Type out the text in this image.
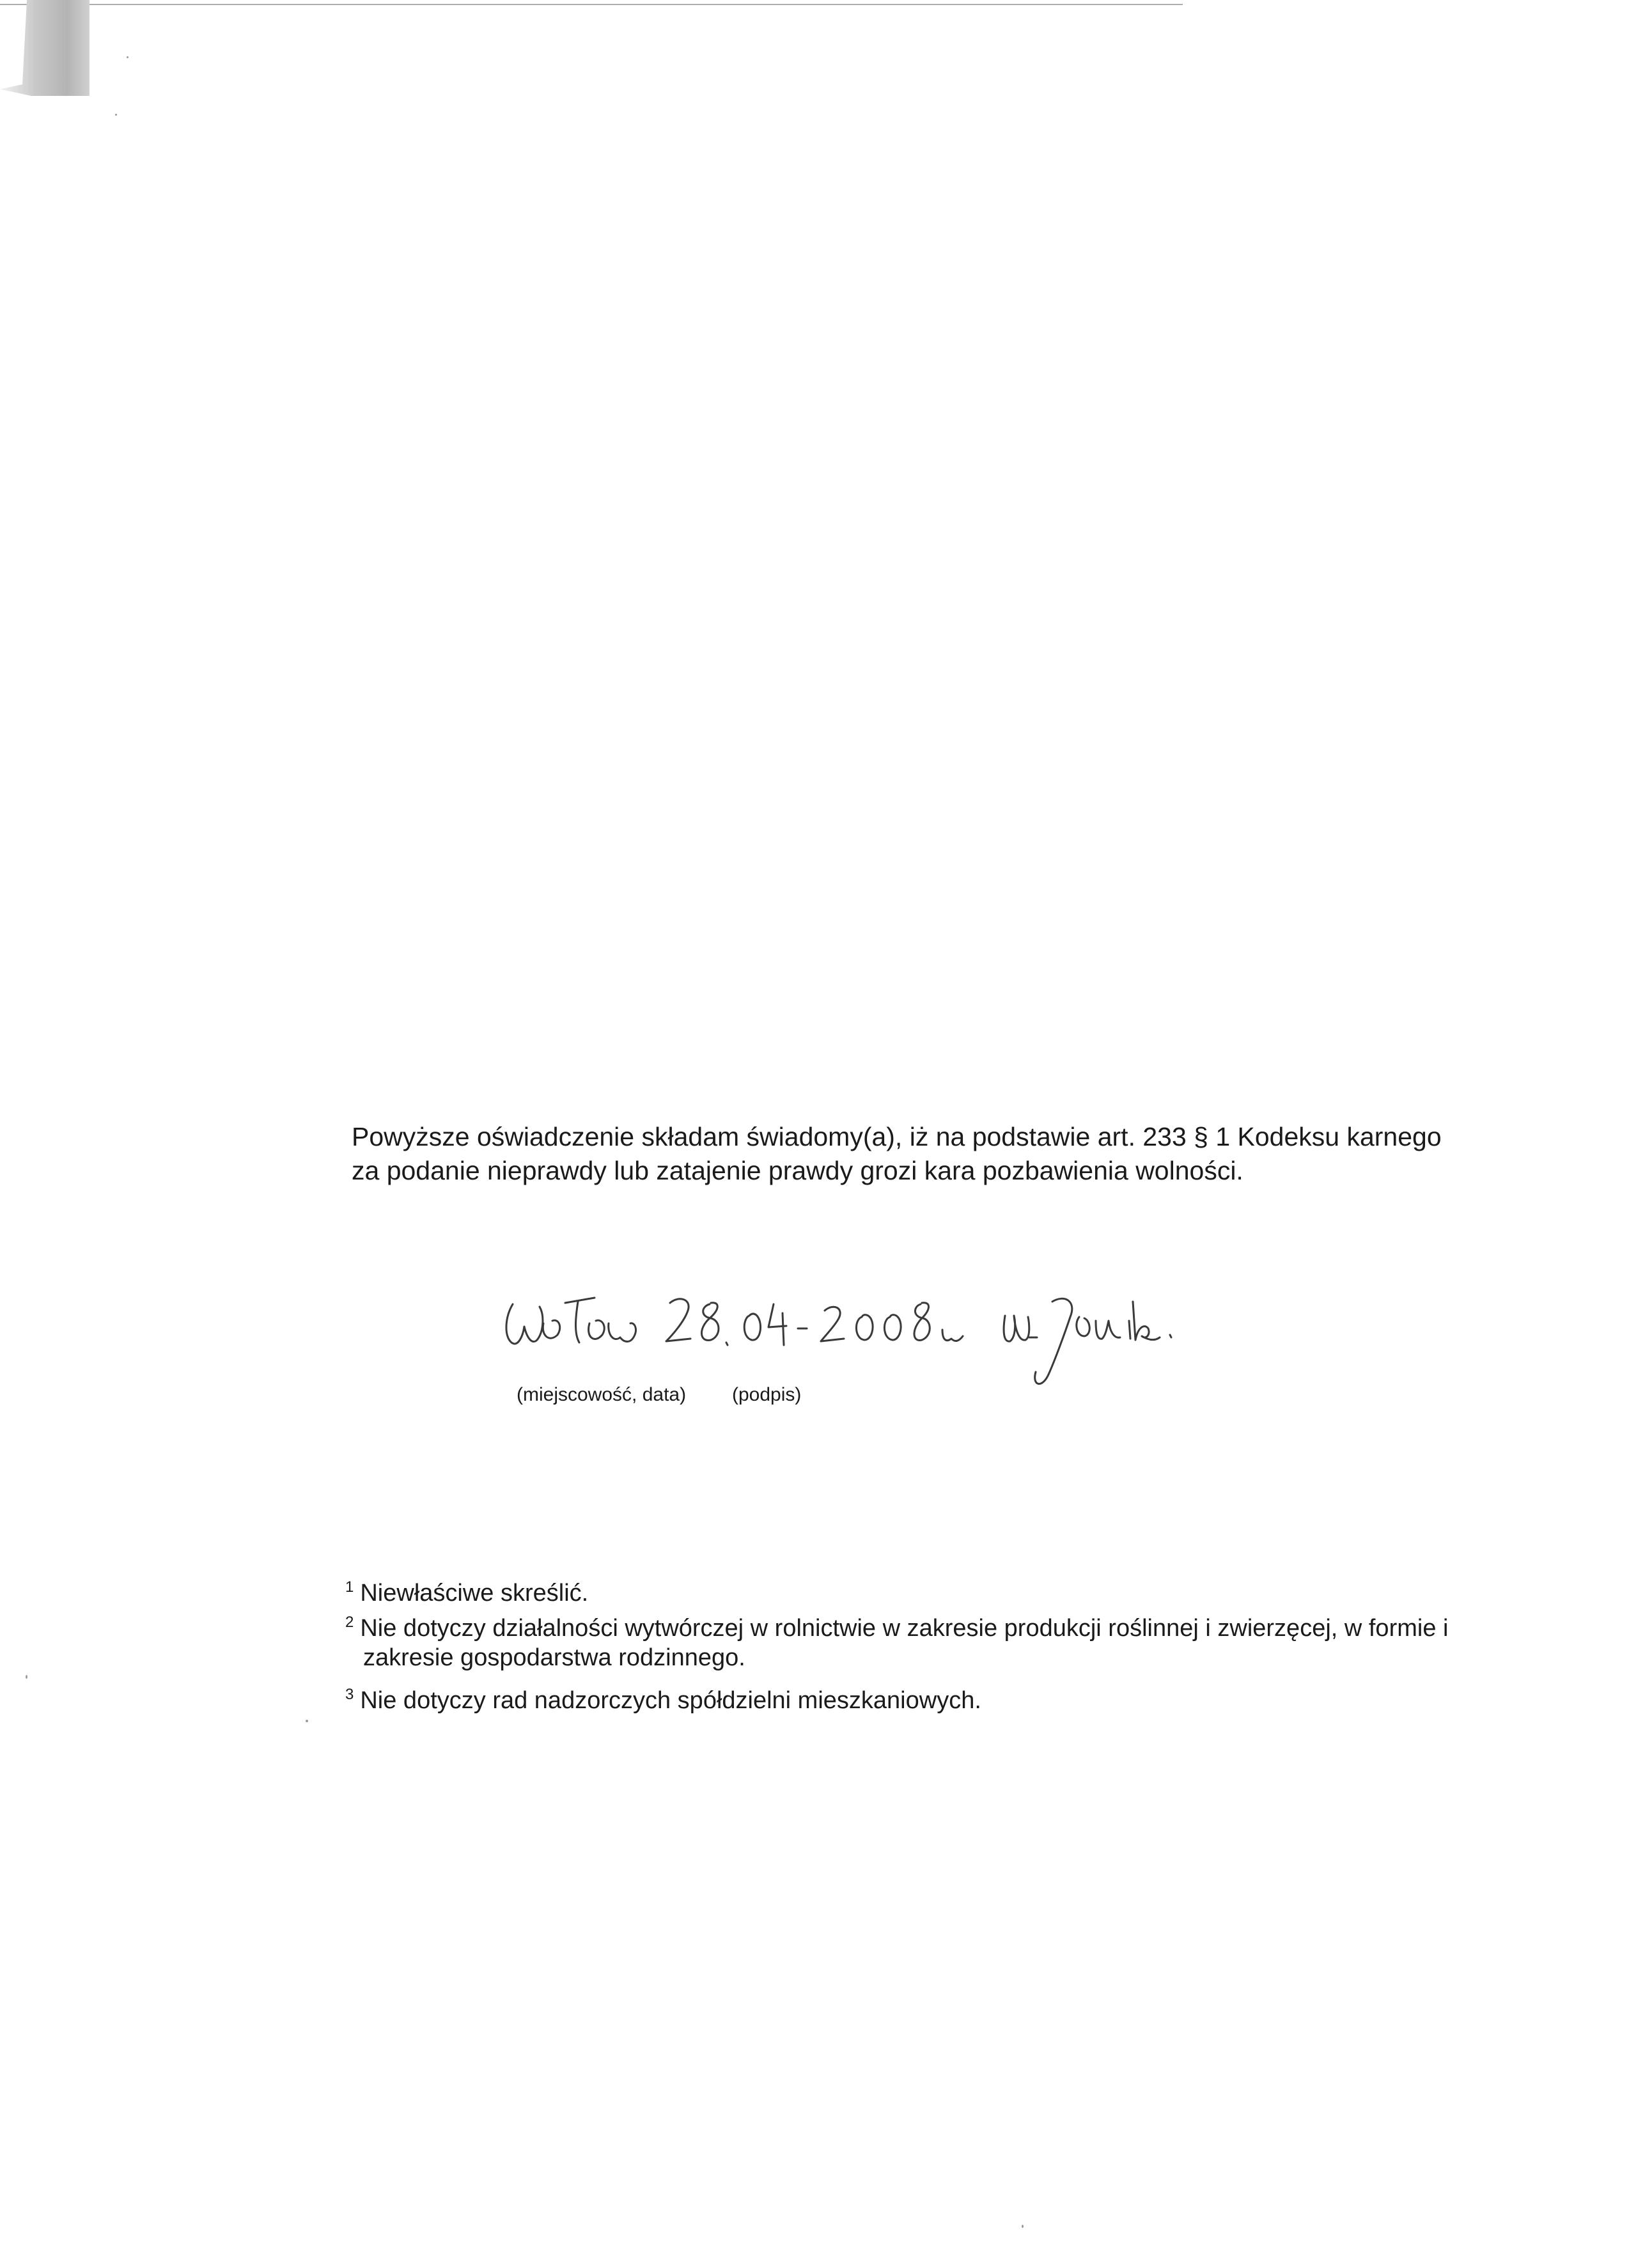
Powyższe oświadczenie składam świadomy(a), iż na podstawie art. 233 § 1 Kodeksu karnego

za podanie nieprawdy lub zatajenie prawdy grozi kara pozbawienia wolności.

(miejscowość, data) (podpis)

$^1$ Niewłaściwe skreślić.

$^2$ Nie dotyczy działalności wytwórczej w rolnictwie w zakresie produkcji roślinnej i zwierzęcej, w formie i

zakresie gospodarstwa rodzinnego.

$^3$ Nie dotyczy rad nadzorczych spółdzielni mieszkaniowych.
